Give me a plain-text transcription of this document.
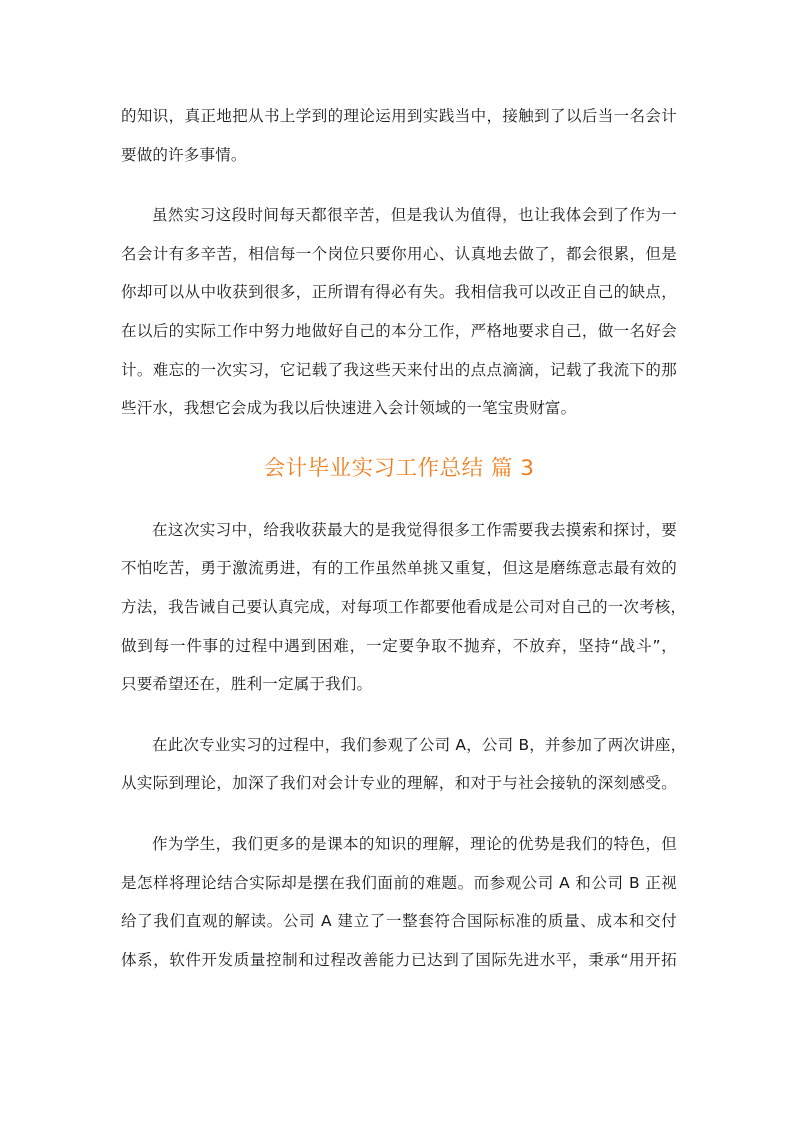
的知识，真正地把从书上学到的理论运用到实践当中，接触到了以后当一名会计
要做的许多事情。
虽然实习这段时间每天都很辛苦，但是我认为值得，也让我体会到了作为一
名会计有多辛苦，相信每一个岗位只要你用心、认真地去做了，都会很累，但是
你却可以从中收获到很多，正所谓有得必有失。我相信我可以改正自己的缺点，
在以后的实际工作中努力地做好自己的本分工作，严格地要求自己，做一名好会
计。难忘的一次实习，它记载了我这些天来付出的点点滴滴，记载了我流下的那
些汗水，我想它会成为我以后快速进入会计领域的一笔宝贵财富。
会计毕业实习工作总结 篇 3
在这次实习中，给我收获最大的是我觉得很多工作需要我去摸索和探讨，要
不怕吃苦，勇于激流勇进，有的工作虽然单挑又重复，但这是磨练意志最有效的
方法，我告诫自己要认真完成，对每项工作都要他看成是公司对自己的一次考核，
做到每一件事的过程中遇到困难，一定要争取不抛弃，不放弃，坚持“战斗”，
只要希望还在，胜利一定属于我们。
在此次专业实习的过程中，我们参观了公司 A，公司 B，并参加了两次讲座，
从实际到理论，加深了我们对会计专业的理解，和对于与社会接轨的深刻感受。
作为学生，我们更多的是课本的知识的理解，理论的优势是我们的特色，但
是怎样将理论结合实际却是摆在我们面前的难题。而参观公司 A 和公司 B 正视
给了我们直观的解读。公司 A 建立了一整套符合国际标准的质量、成本和交付
体系，软件开发质量控制和过程改善能力已达到了国际先进水平，秉承“用开拓
